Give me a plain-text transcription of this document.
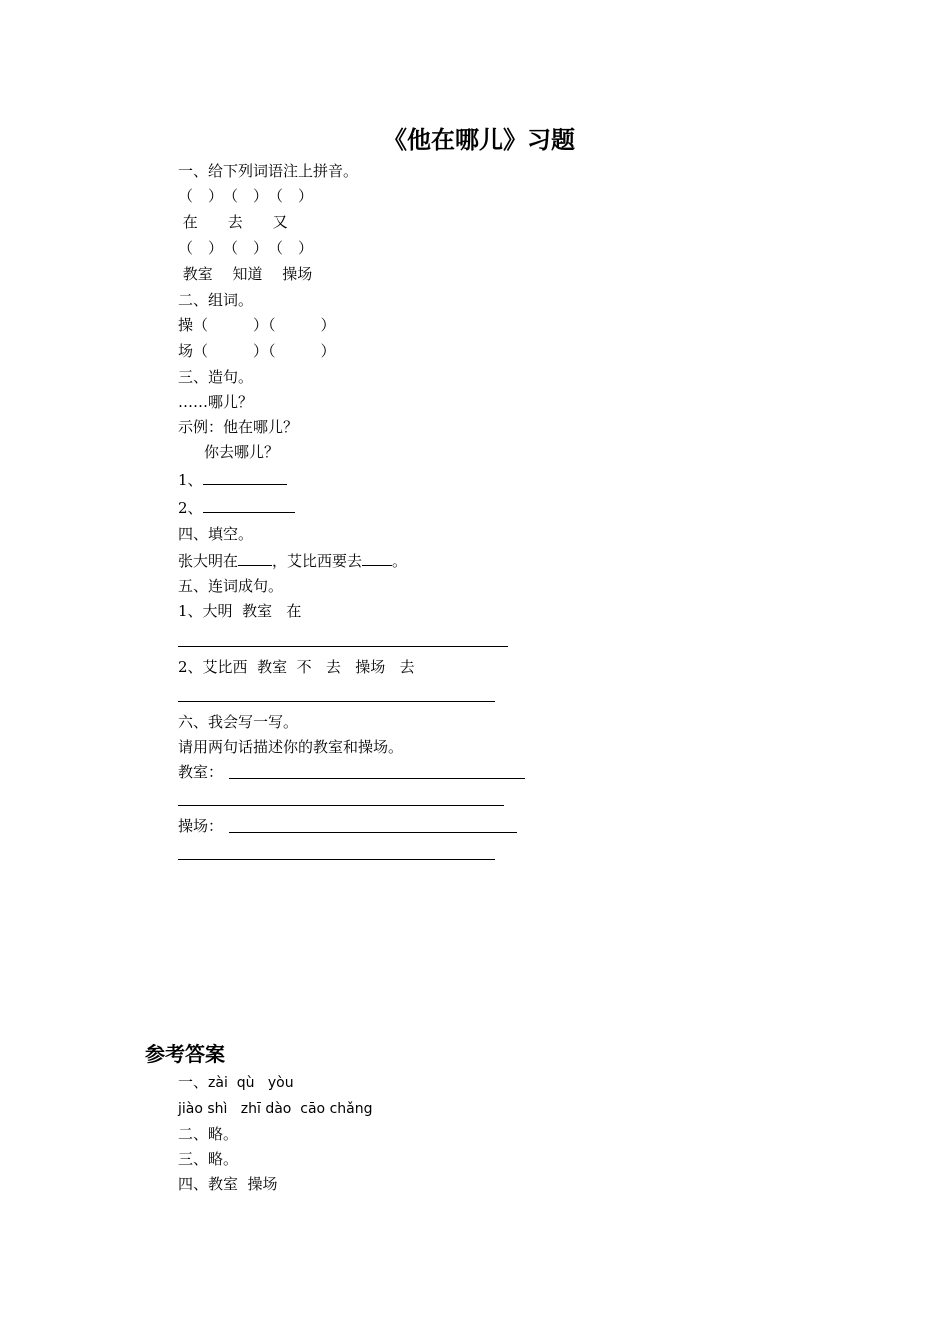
《他在哪儿》习题
一、给下列词语注上拼音。
（　）　（　）　（　）
在　　去　　又
（　）　（　）　（　）
教室　 知道　 操场
二、组词。
操（　　　）（　　　）
场（　　　）（　　　）
三、造句。
……哪儿？
示例：他在哪儿？
你去哪儿？
1、
2、
四、填空。
张大明在 ，艾比西要去 。
五、连词成句。
1、大明  教室   在
2、艾比西  教室  不   去   操场   去
六、我会写一写。
请用两句话描述你的教室和操场。
教室：
操场：
参考答案
一、zài  qù   yòu
jiào shì   zhī dào  cāo chǎng
二、略。
三、略。
四、教室  操场
